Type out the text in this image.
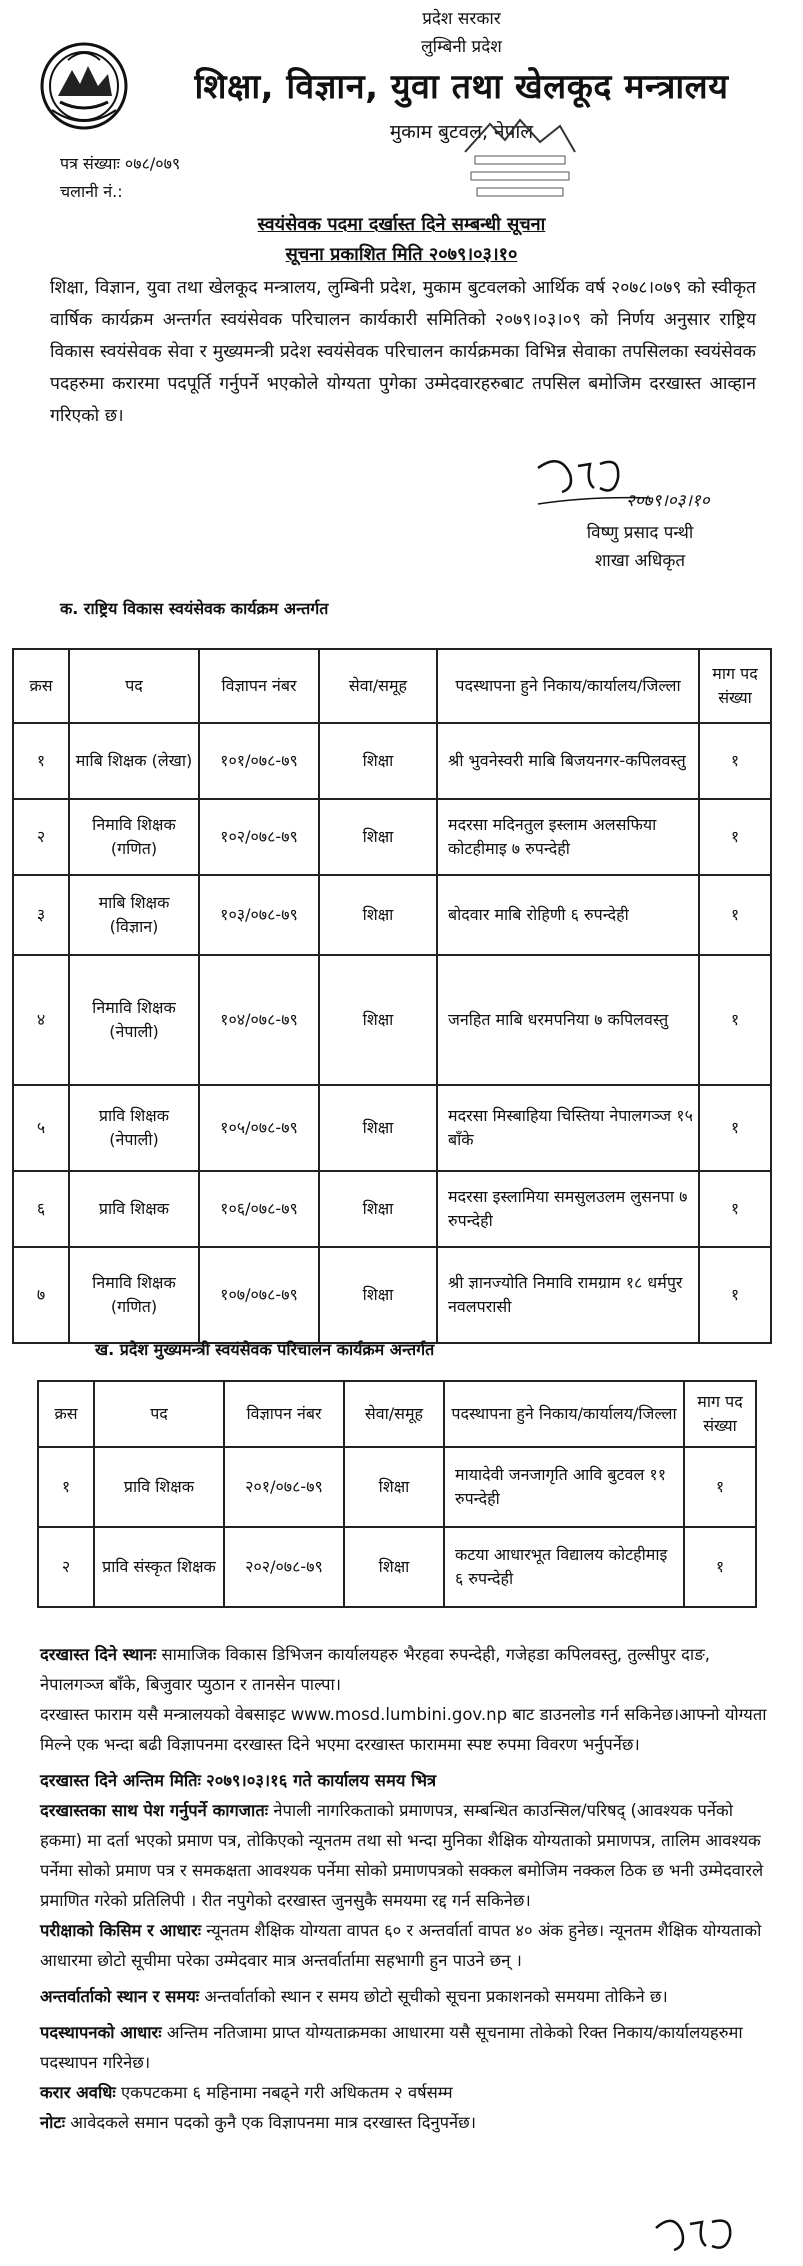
प्रदेश सरकार
लुम्बिनी प्रदेश
शिक्षा, विज्ञान, युवा तथा खेलकूद मन्त्रालय
मुकाम बुटवल, नेपाल
पत्र संख्याः ०७८/०७९
चलानी नं.:
स्वयंसेवक पदमा दर्खास्त दिने सम्बन्धी सूचना
सूचना प्रकाशित मिति २०७९।०३।१०
शिक्षा, विज्ञान, युवा तथा खेलकूद मन्त्रालय, लुम्बिनी प्रदेश, मुकाम बुटवलको आर्थिक वर्ष २०७८।०७९ को स्वीकृत वार्षिक कार्यक्रम अन्तर्गत स्वयंसेवक परिचालन कार्यकारी समितिको २०७९।०३।०९ को निर्णय अनुसार राष्ट्रिय विकास स्वयंसेवक सेवा र मुख्यमन्त्री प्रदेश स्वयंसेवक परिचालन कार्यक्रमका विभिन्न सेवाका तपसिलका स्वयंसेवक पदहरुमा करारमा पदपूर्ति गर्नुपर्ने भएकोले योग्यता पुगेका उम्मेदवारहरुबाट तपसिल बमोजिम दरखास्त आव्हान गरिएको छ।
२०७९।०३।१०
विष्णु प्रसाद पन्थी
शाखा अधिकृत
क. राष्ट्रिय विकास स्वयंसेवक कार्यक्रम अन्तर्गत
क्रस	पद	विज्ञापन नंबर	सेवा/समूह	पदस्थापना हुने निकाय/कार्यालय/जिल्ला	माग पद संख्या
१	माबि शिक्षक (लेखा)	१०१/०७८-७९	शिक्षा	श्री भुवनेस्वरी माबि बिजयनगर-कपिलवस्तु	१
२	निमावि शिक्षक (गणित)	१०२/०७८-७९	शिक्षा	मदरसा मदिनतुल इस्लाम अलसफिया कोटहीमाइ ७ रुपन्देही	१
३	माबि शिक्षक (विज्ञान)	१०३/०७८-७९	शिक्षा	बोदवार माबि रोहिणी ६ रुपन्देही	१
४	निमावि शिक्षक (नेपाली)	१०४/०७८-७९	शिक्षा	जनहित माबि धरमपनिया ७ कपिलवस्तु	१
५	प्रावि शिक्षक (नेपाली)	१०५/०७८-७९	शिक्षा	मदरसा मिस्बाहिया चिस्तिया नेपालगञ्ज १५ बाँके	१
६	प्रावि शिक्षक	१०६/०७८-७९	शिक्षा	मदरसा इस्लामिया समसुलउलम लुसनपा ७ रुपन्देही	१
७	निमावि शिक्षक (गणित)	१०७/०७८-७९	शिक्षा	श्री ज्ञानज्योति निमावि रामग्राम १८ धर्मपुर नवलपरासी	१
ख. प्रदेश मुख्यमन्त्री स्वयंसेवक परिचालन कार्यक्रम अन्तर्गत
क्रस	पद	विज्ञापन नंबर	सेवा/समूह	पदस्थापना हुने निकाय/कार्यालय/जिल्ला	माग पद संख्या
१	प्रावि शिक्षक	२०१/०७८-७९	शिक्षा	मायादेवी जनजागृति आवि बुटवल ११ रुपन्देही	१
२	प्रावि संस्कृत शिक्षक	२०२/०७८-७९	शिक्षा	कटया आधारभूत विद्यालय कोटहीमाइ ६ रुपन्देही	१

दरखास्त दिने स्थानः सामाजिक विकास डिभिजन कार्यालयहरु भैरहवा रुपन्देही, गजेहडा कपिलवस्तु, तुल्सीपुर दाङ, नेपालगञ्ज बाँके, बिजुवार प्युठान र तानसेन पाल्पा।

दरखास्त फाराम यसै मन्त्रालयको वेबसाइट www.mosd.lumbini.gov.np बाट डाउनलोड गर्न सकिनेछ।आफ्नो योग्यता मिल्ने एक भन्दा बढी विज्ञापनमा दरखास्त दिने भएमा दरखास्त फाराममा स्पष्ट रुपमा विवरण भर्नुपर्नेछ।

दरखास्त दिने अन्तिम मितिः २०७९।०३।१६ गते कार्यालय समय भित्र

दरखास्तका साथ पेश गर्नुपर्ने कागजातः नेपाली नागरिकताको प्रमाणपत्र, सम्बन्धित काउन्सिल/परिषद् (आवश्यक पर्नेको हकमा) मा दर्ता भएको प्रमाण पत्र, तोकिएको न्यूनतम तथा सो भन्दा मुनिका शैक्षिक योग्यताको प्रमाणपत्र, तालिम आवश्यक पर्नेमा सोको प्रमाण पत्र र समकक्षता आवश्यक पर्नेमा सोको प्रमाणपत्रको सक्कल बमोजिम नक्कल ठिक छ भनी उम्मेदवारले प्रमाणित गरेको प्रतिलिपी । रीत नपुगेको दरखास्त जुनसुकै समयमा रद्द गर्न सकिनेछ।

परीक्षाको किसिम र आधारः न्यूनतम शैक्षिक योग्यता वापत ६० र अन्तर्वार्ता वापत ४० अंक हुनेछ। न्यूनतम शैक्षिक योग्यताको आधारमा छोटो सूचीमा परेका उम्मेदवार मात्र अन्तर्वार्तामा सहभागी हुन पाउने छन् ।

अन्तर्वार्ताको स्थान र समयः अन्तर्वार्ताको स्थान र समय छोटो सूचीको सूचना प्रकाशनको समयमा तोकिने छ।

पदस्थापनको आधारः अन्तिम नतिजामा प्राप्त योग्यताक्रमका आधारमा यसै सूचनामा तोकेको रिक्त निकाय/कार्यालयहरुमा पदस्थापन गरिनेछ।

करार अवधिः एकपटकमा ६ महिनामा नबढ्ने गरी अधिकतम २ वर्षसम्म

नोटः आवेदकले समान पदको कुनै एक विज्ञापनमा मात्र दरखास्त दिनुपर्नेछ।
